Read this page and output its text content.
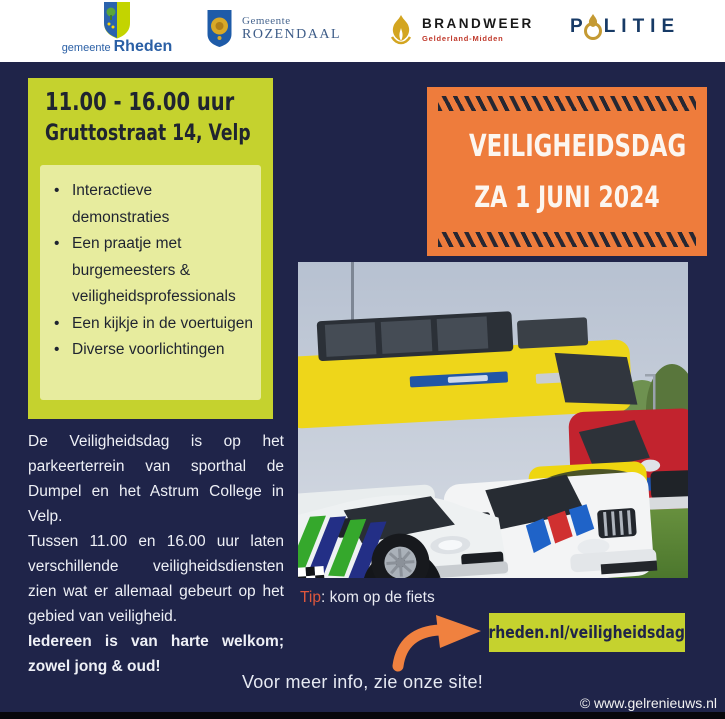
gemeente Rheden
Gemeente
ROZENDAAL
BRANDWEER
Gelderland-Midden
P LITIE
11.00 - 16.00 uur
Gruttostraat 14, Velp
• Interactieve demonstraties
• Een praatje met burgemeesters & veiligheidsprofessionals
• Een kijkje in de voertuigen
• Diverse voorlichtingen
VEILIGHEIDSDAG
ZA 1 JUNI 2024

De Veiligheidsdag is op het parkeerterrein van sporthal de Dumpel en het Astrum College in Velp.

Tussen 11.00 en 16.00 uur laten verschillende veiligheidsdiensten zien wat er allemaal gebeurt op het gebied van veiligheid.

Iedereen is van harte welkom; zowel jong & oud!

Tip: kom op de fiets
rheden.nl/veiligheidsdag
Voor meer info, zie onze site!
© www.gelrenieuws.nl
